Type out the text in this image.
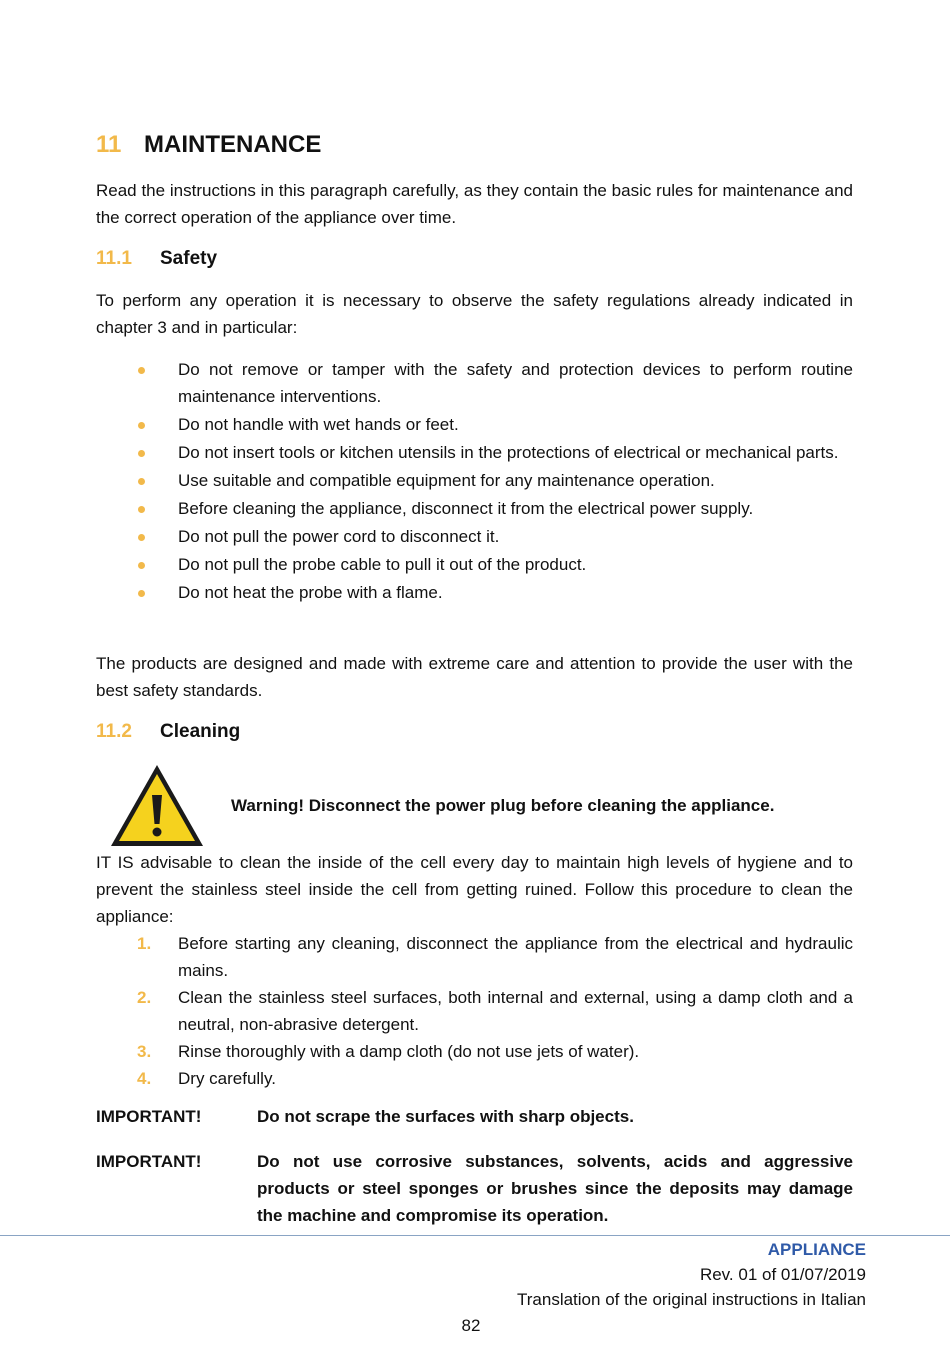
11 MAINTENANCE
Read the instructions in this paragraph carefully, as they contain the basic rules for maintenance and the correct operation of the appliance over time.
11.1 Safety
To perform any operation it is necessary to observe the safety regulations already indicated in chapter 3 and in particular:
Do not remove or tamper with the safety and protection devices to perform routine maintenance interventions.
Do not handle with wet hands or feet.
Do not insert tools or kitchen utensils in the protections of electrical or mechanical parts.
Use suitable and compatible equipment for any maintenance operation.
Before cleaning the appliance, disconnect it from the electrical power supply.
Do not pull the power cord to disconnect it.
Do not pull the probe cable to pull it out of the product.
Do not heat the probe with a flame.
The products are designed and made with extreme care and attention to provide the user with the best safety standards.
11.2 Cleaning
Warning! Disconnect the power plug before cleaning the appliance.
IT IS advisable to clean the inside of the cell every day to maintain high levels of hygiene and to prevent the stainless steel inside the cell from getting ruined. Follow this procedure to clean the appliance:
1. Before starting any cleaning, disconnect the appliance from the electrical and hydraulic mains.
2. Clean the stainless steel surfaces, both internal and external, using a damp cloth and a neutral, non-abrasive detergent.
3. Rinse thoroughly with a damp cloth (do not use jets of water).
4. Dry carefully.
IMPORTANT!	Do not scrape the surfaces with sharp objects.
IMPORTANT!	Do not use corrosive substances, solvents, acids and aggressive products or steel sponges or brushes since the deposits may damage the machine and compromise its operation.
APPLIANCE
Rev. 01 of 01/07/2019
Translation of the original instructions in Italian
82
